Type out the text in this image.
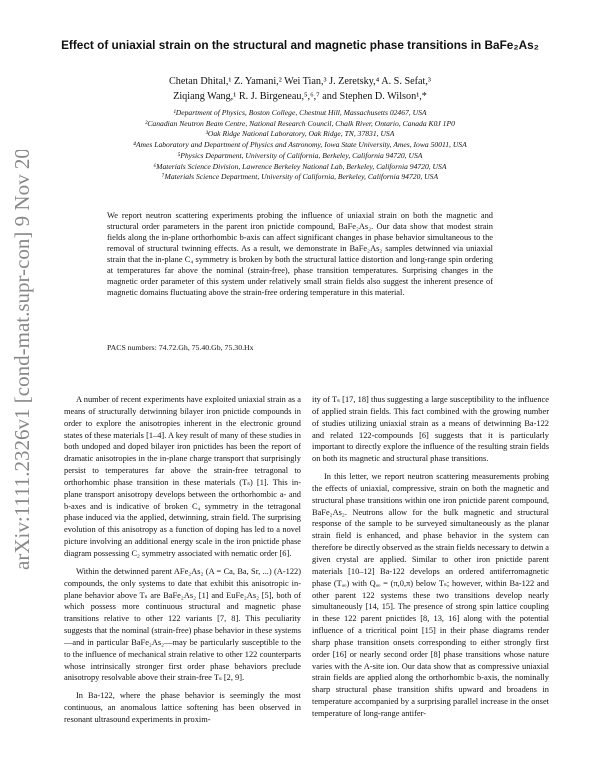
arXiv:1111.2326v1 [cond-mat.supr-con] 9 Nov 2011
Effect of uniaxial strain on the structural and magnetic phase transitions in BaFe₂As₂
Chetan Dhital,¹ Z. Yamani,² Wei Tian,³ J. Zeretsky,⁴ A. S. Sefat,³
Ziqiang Wang,¹ R. J. Birgeneau,⁵,⁶,⁷ and Stephen D. Wilson¹,*
¹Department of Physics, Boston College, Chestnut Hill, Massachusetts 02467, USA
²Canadian Neutron Beam Centre, National Research Council, Chalk River, Ontario, Canada K0J 1P0
³Oak Ridge National Laboratory, Oak Ridge, TN, 37831, USA
⁴Ames Laboratory and Department of Physics and Astronomy, Iowa State University, Ames, Iowa 50011, USA
⁵Physics Department, University of California, Berkeley, California 94720, USA
⁶Materials Science Division, Lawrence Berkeley National Lab, Berkeley, California 94720, USA
⁷Materials Science Department, University of California, Berkeley, California 94720, USA
We report neutron scattering experiments probing the influence of uniaxial strain on both the magnetic and structural order parameters in the parent iron pnictide compound, BaFe₂As₂. Our data show that modest strain fields along the in-plane orthorhombic b-axis can affect significant changes in phase behavior simultaneous to the removal of structural twinning effects. As a result, we demonstrate in BaFe₂As₂ samples detwinned via uniaxial strain that the in-plane C₄ symmetry is broken by both the structural lattice distortion and long-range spin ordering at temperatures far above the nominal (strain-free), phase transition temperatures. Surprising changes in the magnetic order parameter of this system under relatively small strain fields also suggest the inherent presence of magnetic domains fluctuating above the strain-free ordering temperature in this material.
PACS numbers: 74.72.Gh, 75.40.Gb, 75.30.Hx

A number of recent experiments have exploited uniaxial strain as a means of structurally detwinning bilayer iron pnictide compounds in order to explore the anisotropies inherent in the electronic ground states of these materials [1–4]. A key result of many of these studies in both undoped and doped bilayer iron pnictides has been the report of dramatic anisotropies in the in-plane charge transport that surprisingly persist to temperatures far above the strain-free tetragonal to orthorhombic phase transition in these materials (Tₛ) [1]. This in-plane transport anisotropy develops between the orthorhombic a- and b-axes and is indicative of broken C₄ symmetry in the tetragonal phase induced via the applied, detwinning, strain field. The surprising evolution of this anisotropy as a function of doping has led to a novel picture involving an additional energy scale in the iron pnictide phase diagram possessing C₂ symmetry associated with nematic order [6].

Within the detwinned parent AFe₂As₂ (A = Ca, Ba, Sr, ...) (A-122) compounds, the only systems to date that exhibit this anisotropic in-plane behavior above Tₛ are BaFe₂As₂ [1] and EuFe₂As₂ [5], both of which possess more continuous structural and magnetic phase transitions relative to other 122 variants [7, 8]. This peculiarity suggests that the nominal (strain-free) phase behavior in these systems—and in particular BaFe₂As₂—may be particularly susceptible to the to the influence of mechanical strain relative to other 122 counterparts whose intrinsically stronger first order phase behaviors preclude anisotropy resolvable above their strain-free Tₛ [2, 9].

In Ba-122, where the phase behavior is seemingly the most continuous, an anomalous lattice softening has been observed in resonant ultrasound experiments in proxim-

ity of Tₛ [17, 18] thus suggesting a large susceptibility to the influence of applied strain fields. This fact combined with the growing number of studies utilizing uniaxial strain as a means of detwinning Ba-122 and related 122-compounds [6] suggests that it is particularly important to directly explore the influence of the resulting strain fields on both its magnetic and structural phase transitions.

In this letter, we report neutron scattering measurements probing the effects of uniaxial, compressive, strain on both the magnetic and structural phase transitions within one iron pnictide parent compound, BaFe₂As₂. Neutrons allow for the bulk magnetic and structural response of the sample to be surveyed simultaneously as the planar strain field is enhanced, and phase behavior in the system can therefore be directly observed as the strain fields necessary to detwin a given crystal are applied. Similar to other iron pnictide parent materials [10–12] Ba-122 develops an ordered antiferromagnetic phase (Tₐₒ) with Qₐₒ = (π,0,π) below Tₛ; however, within Ba-122 and other parent 122 systems these two transitions develop nearly simultaneously [14, 15]. The presence of strong spin lattice coupling in these 122 parent pnictides [8, 13, 16] along with the potential influence of a tricritical point [15] in their phase diagrams render sharp phase transition onsets corresponding to either strongly first order [16] or nearly second order [8] phase transitions whose nature varies with the A-site ion. Our data show that as compressive uniaxial strain fields are applied along the orthorhombic b-axis, the nominally sharp structural phase transition shifts upward and broadens in temperature accompanied by a surprising parallel increase in the onset temperature of long-range antifer-
